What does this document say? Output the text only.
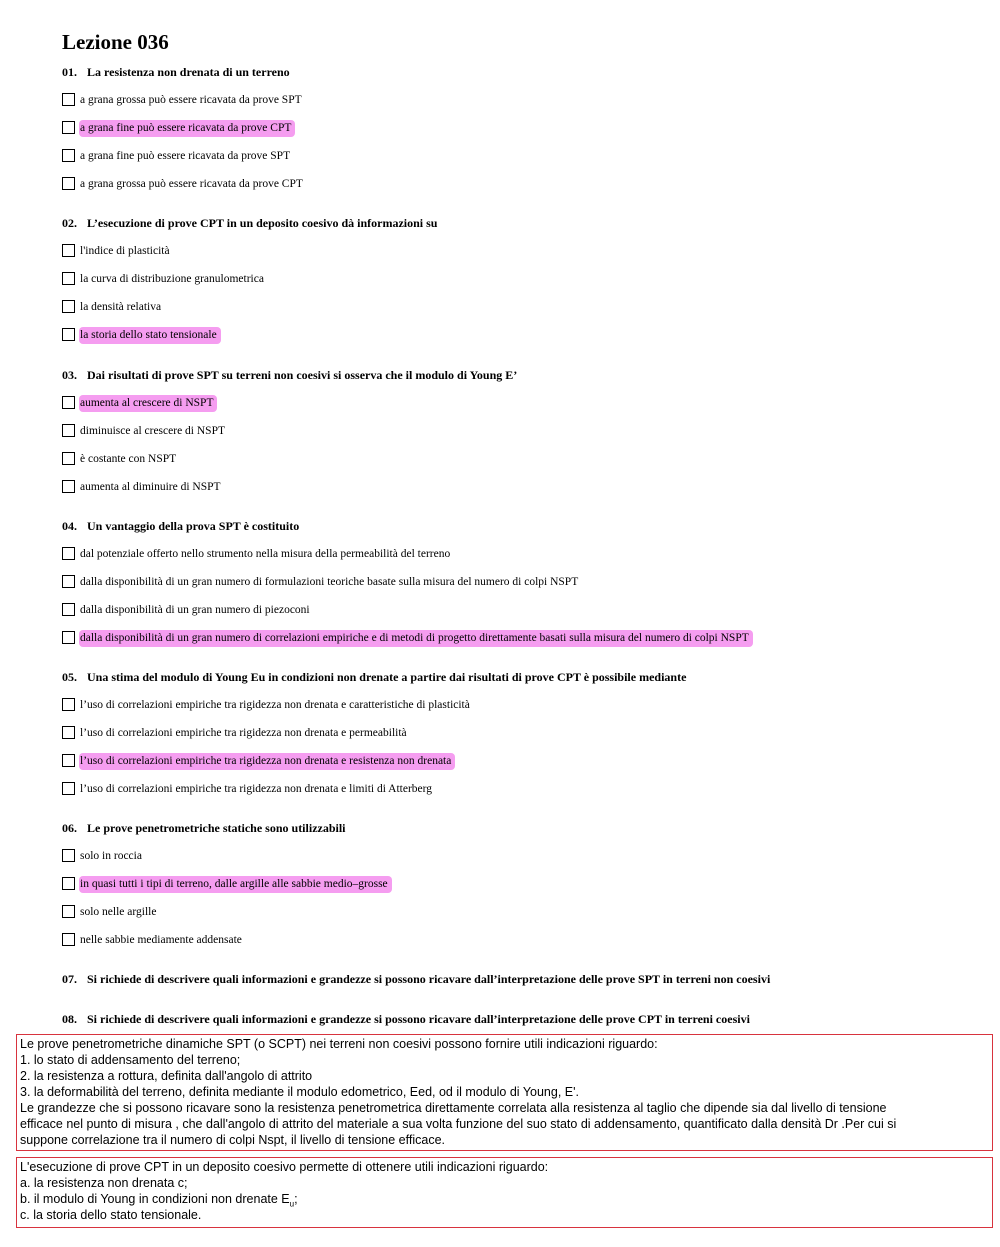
Lezione 036
01. La resistenza non drenata di un terreno
a grana grossa può essere ricavata da prove SPT
a grana fine può essere ricavata da prove CPT
a grana fine può essere ricavata da prove SPT
a grana grossa può essere ricavata da prove CPT
02. L’esecuzione di prove CPT in un deposito coesivo dà informazioni su
l'indice di plasticità
la curva di distribuzione granulometrica
la densità relativa
la storia dello stato tensionale
03. Dai risultati di prove SPT su terreni non coesivi si osserva che il modulo di Young E’
aumenta al crescere di NSPT
diminuisce al crescere di NSPT
è costante con NSPT
aumenta al diminuire di NSPT
04. Un vantaggio della prova SPT è costituito
dal potenziale offerto nello strumento nella misura della permeabilità del terreno
dalla disponibilità di un gran numero di formulazioni teoriche basate sulla misura del numero di colpi NSPT
dalla disponibilità di un gran numero di piezoconi
dalla disponibilità di un gran numero di correlazioni empiriche e di metodi di progetto direttamente basati sulla misura del numero di colpi NSPT
05. Una stima del modulo di Young Eu in condizioni non drenate a partire dai risultati di prove CPT è possibile mediante
l’uso di correlazioni empiriche tra rigidezza non drenata e caratteristiche di plasticità
l’uso di correlazioni empiriche tra rigidezza non drenata e permeabilità
l’uso di correlazioni empiriche tra rigidezza non drenata e resistenza non drenata
l’uso di correlazioni empiriche tra rigidezza non drenata e limiti di Atterberg
06. Le prove penetrometriche statiche sono utilizzabili
solo in roccia
in quasi tutti i tipi di terreno, dalle argille alle sabbie medio–grosse
solo nelle argille
nelle sabbie mediamente addensate
07. Si richiede di descrivere quali informazioni e grandezze si possono ricavare dall’interpretazione delle prove SPT in terreni non coesivi
08. Si richiede di descrivere quali informazioni e grandezze si possono ricavare dall’interpretazione delle prove CPT in terreni coesivi
Le prove penetrometriche dinamiche SPT (o SCPT) nei terreni non coesivi possono fornire utili indicazioni riguardo:
1. lo stato di addensamento del terreno;
2. la resistenza a rottura, definita dall'angolo di attrito
3. la deformabilità del terreno, definita mediante il modulo edometrico, Eed, od il modulo di Young, E'.
Le grandezze che si possono ricavare sono la resistenza penetrometrica direttamente correlata alla resistenza al taglio che dipende sia dal livello di tensione
efficace nel punto di misura , che dall'angolo di attrito del materiale a sua volta funzione del suo stato di addensamento, quantificato dalla densità Dr .Per cui si
suppone correlazione tra il numero di colpi Nspt, il livello di tensione efficace.
L'esecuzione di prove CPT in un deposito coesivo permette di ottenere utili indicazioni riguardo:
a. la resistenza non drenata c;
b. il modulo di Young in condizioni non drenate $E_u$;
c. la storia dello stato tensionale.
